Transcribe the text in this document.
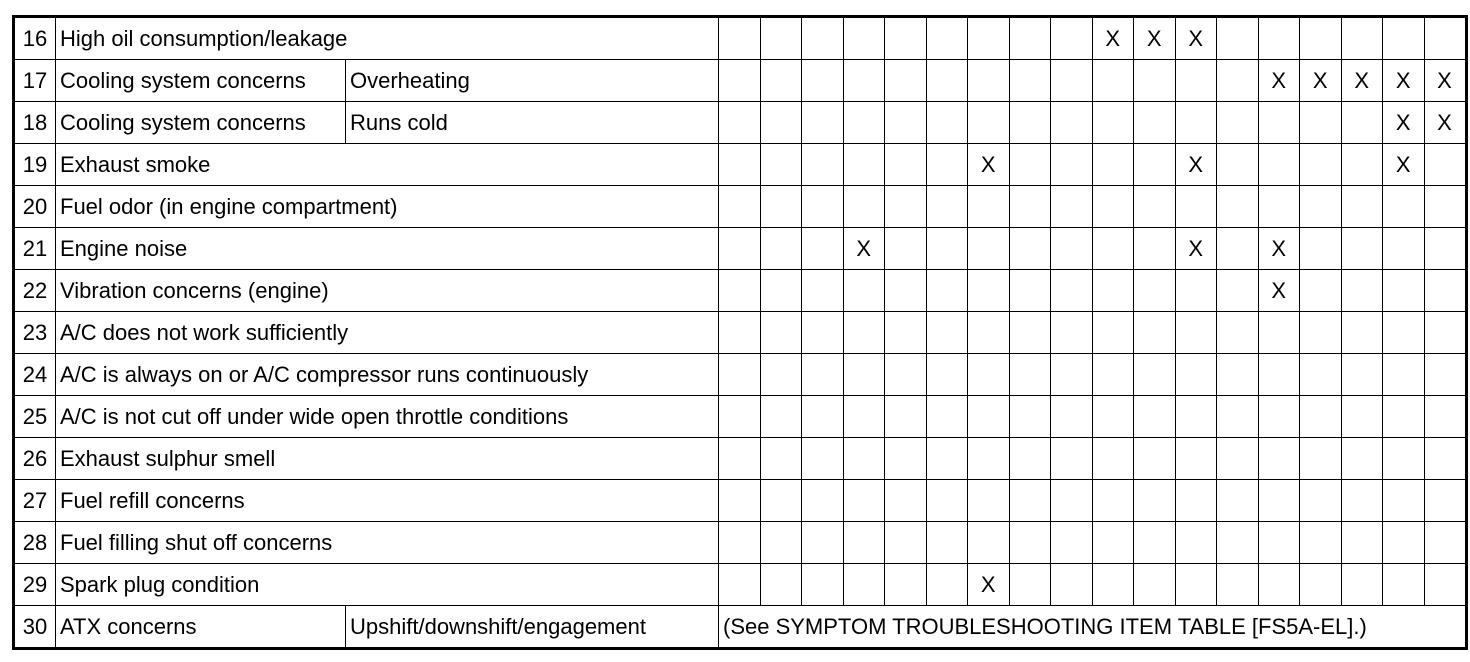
16	High oil consumption/leakage											X	X	X						
17	Cooling system concerns	Overheating														X	X	X	X	X
18	Cooling system concerns	Runs cold																	X	X
19	Exhaust smoke								X					X					X	
20	Fuel odor (in engine compartment)																			
21	Engine noise					X								X		X				
22	Vibration concerns (engine)															X				
23	A/C does not work sufficiently																			
24	A/C is always on or A/C compressor runs continuously																			
25	A/C is not cut off under wide open throttle conditions																			
26	Exhaust sulphur smell																			
27	Fuel refill concerns																			
28	Fuel filling shut off concerns																			
29	Spark plug condition								X											
30	ATX concerns	Upshift/downshift/engagement	(See SYMPTOM TROUBLESHOOTING ITEM TABLE [FS5A-EL].)																	
